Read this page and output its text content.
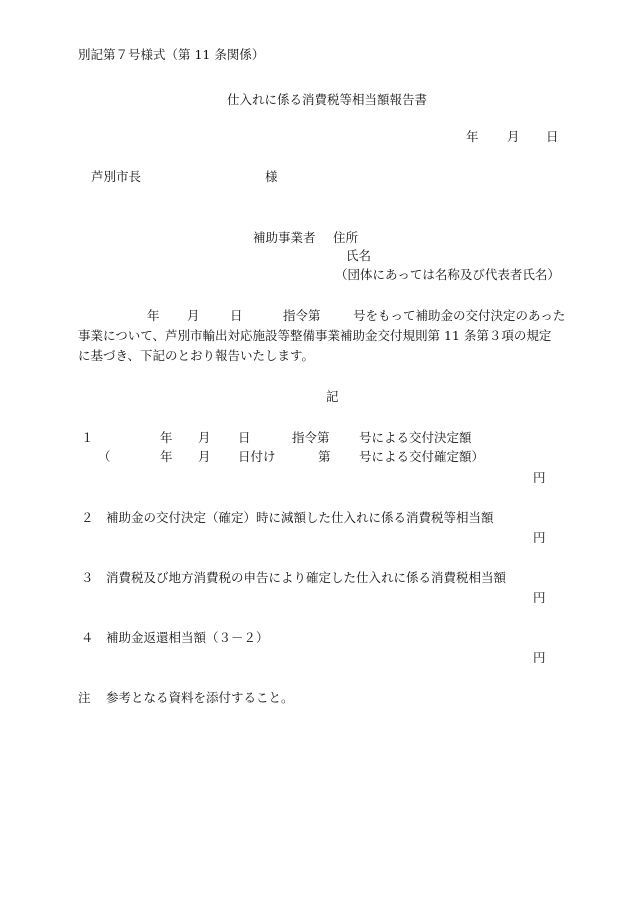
別記第７号様式（第 11 条関係）
仕入れに係る消費税等相当額報告書
年 月 日
芦別市長	様
補助事業者 住所
氏名
（団体にあっては名称及び代表者氏名）
年 月 日	指令第	号をもって補助金の交付決定のあった
事業について、芦別市輸出対応施設等整備事業補助金交付規則第 11 条第３項の規定
に基づき、下記のとおり報告いたします。
記
１	年 月 日	指令第 号による交付決定額
（	年 月 日付け	第 号による交付確定額）
円
２ 補助金の交付決定（確定）時に減額した仕入れに係る消費税等相当額
円
３ 消費税及び地方消費税の申告により確定した仕入れに係る消費税相当額
円
４ 補助金返還相当額（３－２）
円
注 参考となる資料を添付すること。
